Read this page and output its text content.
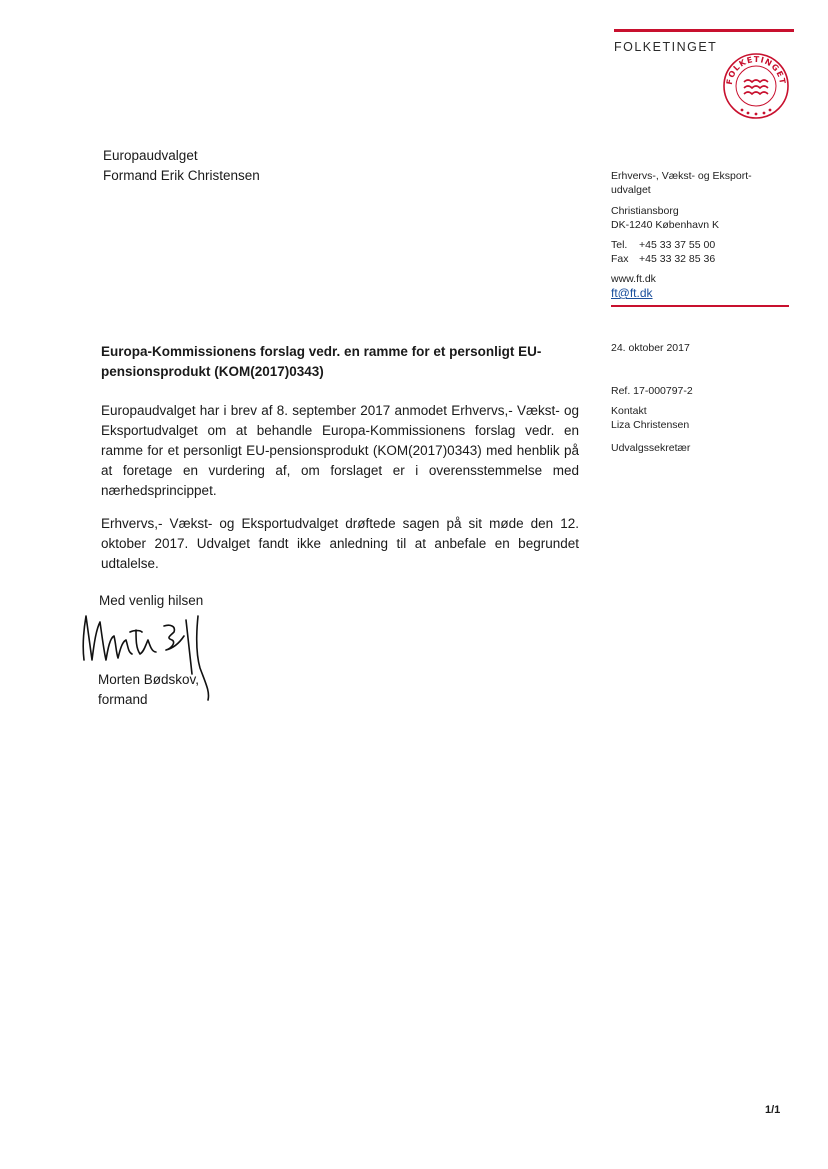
FOLKETINGET
FOLKETINGET
Europaudvalget
Formand Erik Christensen	Erhvervs-, Vækst- og Eksport-
udvalget
Christiansborg
DK-1240 København K
Tel. +45 33 37 55 00
Fax +45 33 32 85 36
www.ft.dk
ft@ft.dk
24. oktober 2017
Ref. 17-000797-2
Kontakt
Liza Christensen
Udvalgssekretær
Europa-Kommissionens forslag vedr. en ramme for et personligt EU-pensionsprodukt (KOM(2017)0343)
Europaudvalget har i brev af 8. september 2017 anmodet Erhvervs,- Vækst- og Eksportudvalget om at behandle Europa-Kommissionens forslag vedr. en ramme for et personligt EU-pensionsprodukt (KOM(2017)0343) med henblik på at foretage en vurdering af, om forslaget er i overensstemmelse med nærhedsprincippet.
Erhvervs,- Vækst- og Eksportudvalget drøftede sagen på sit møde den 12. oktober 2017. Udvalget fandt ikke anledning til at anbefale en begrundet udtalelse.
Med venlig hilsen
Morten Bødskov,
formand
1/1
